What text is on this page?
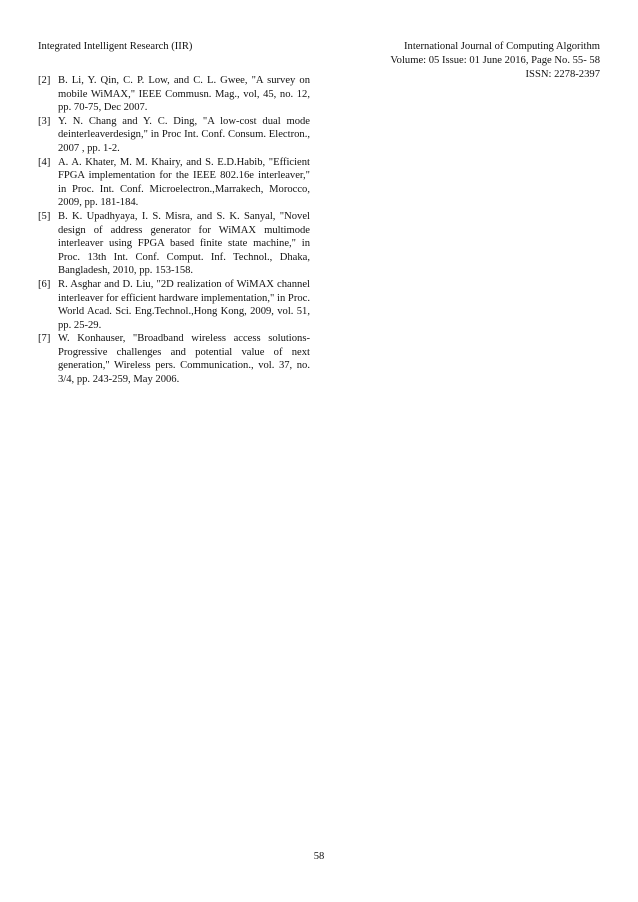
Integrated Intelligent Research (IIR)	International Journal of Computing Algorithm
Volume: 05 Issue: 01 June 2016, Page No. 55- 58
ISSN: 2278-2397
[2] B. Li, Y. Qin, C. P. Low, and C. L. Gwee, "A survey on mobile WiMAX," IEEE Commusn. Mag., vol, 45, no. 12, pp. 70-75, Dec 2007.
[3] Y. N. Chang and Y. C. Ding, "A low-cost dual mode deinterleaverdesign," in Proc Int. Conf. Consum. Electron., 2007 , pp. 1-2.
[4] A. A. Khater, M. M. Khairy, and S. E.D.Habib, "Efficient FPGA implementation for the IEEE 802.16e interleaver," in Proc. Int. Conf. Microelectron.,Marrakech, Morocco, 2009, pp. 181-184.
[5] B. K. Upadhyaya, I. S. Misra, and S. K. Sanyal, "Novel design of address generator for WiMAX multimode interleaver using FPGA based finite state machine," in Proc. 13th Int. Conf. Comput. Inf. Technol., Dhaka, Bangladesh, 2010, pp. 153-158.
[6] R. Asghar and D. Liu, "2D realization of WiMAX channel interleaver for efficient hardware implementation," in Proc. World Acad. Sci. Eng.Technol.,Hong Kong, 2009, vol. 51, pp. 25-29.
[7] W. Konhauser, "Broadband wireless access solutions-Progressive challenges and potential value of next generation," Wireless pers. Communication., vol. 37, no. 3/4, pp. 243-259, May 2006.
58
